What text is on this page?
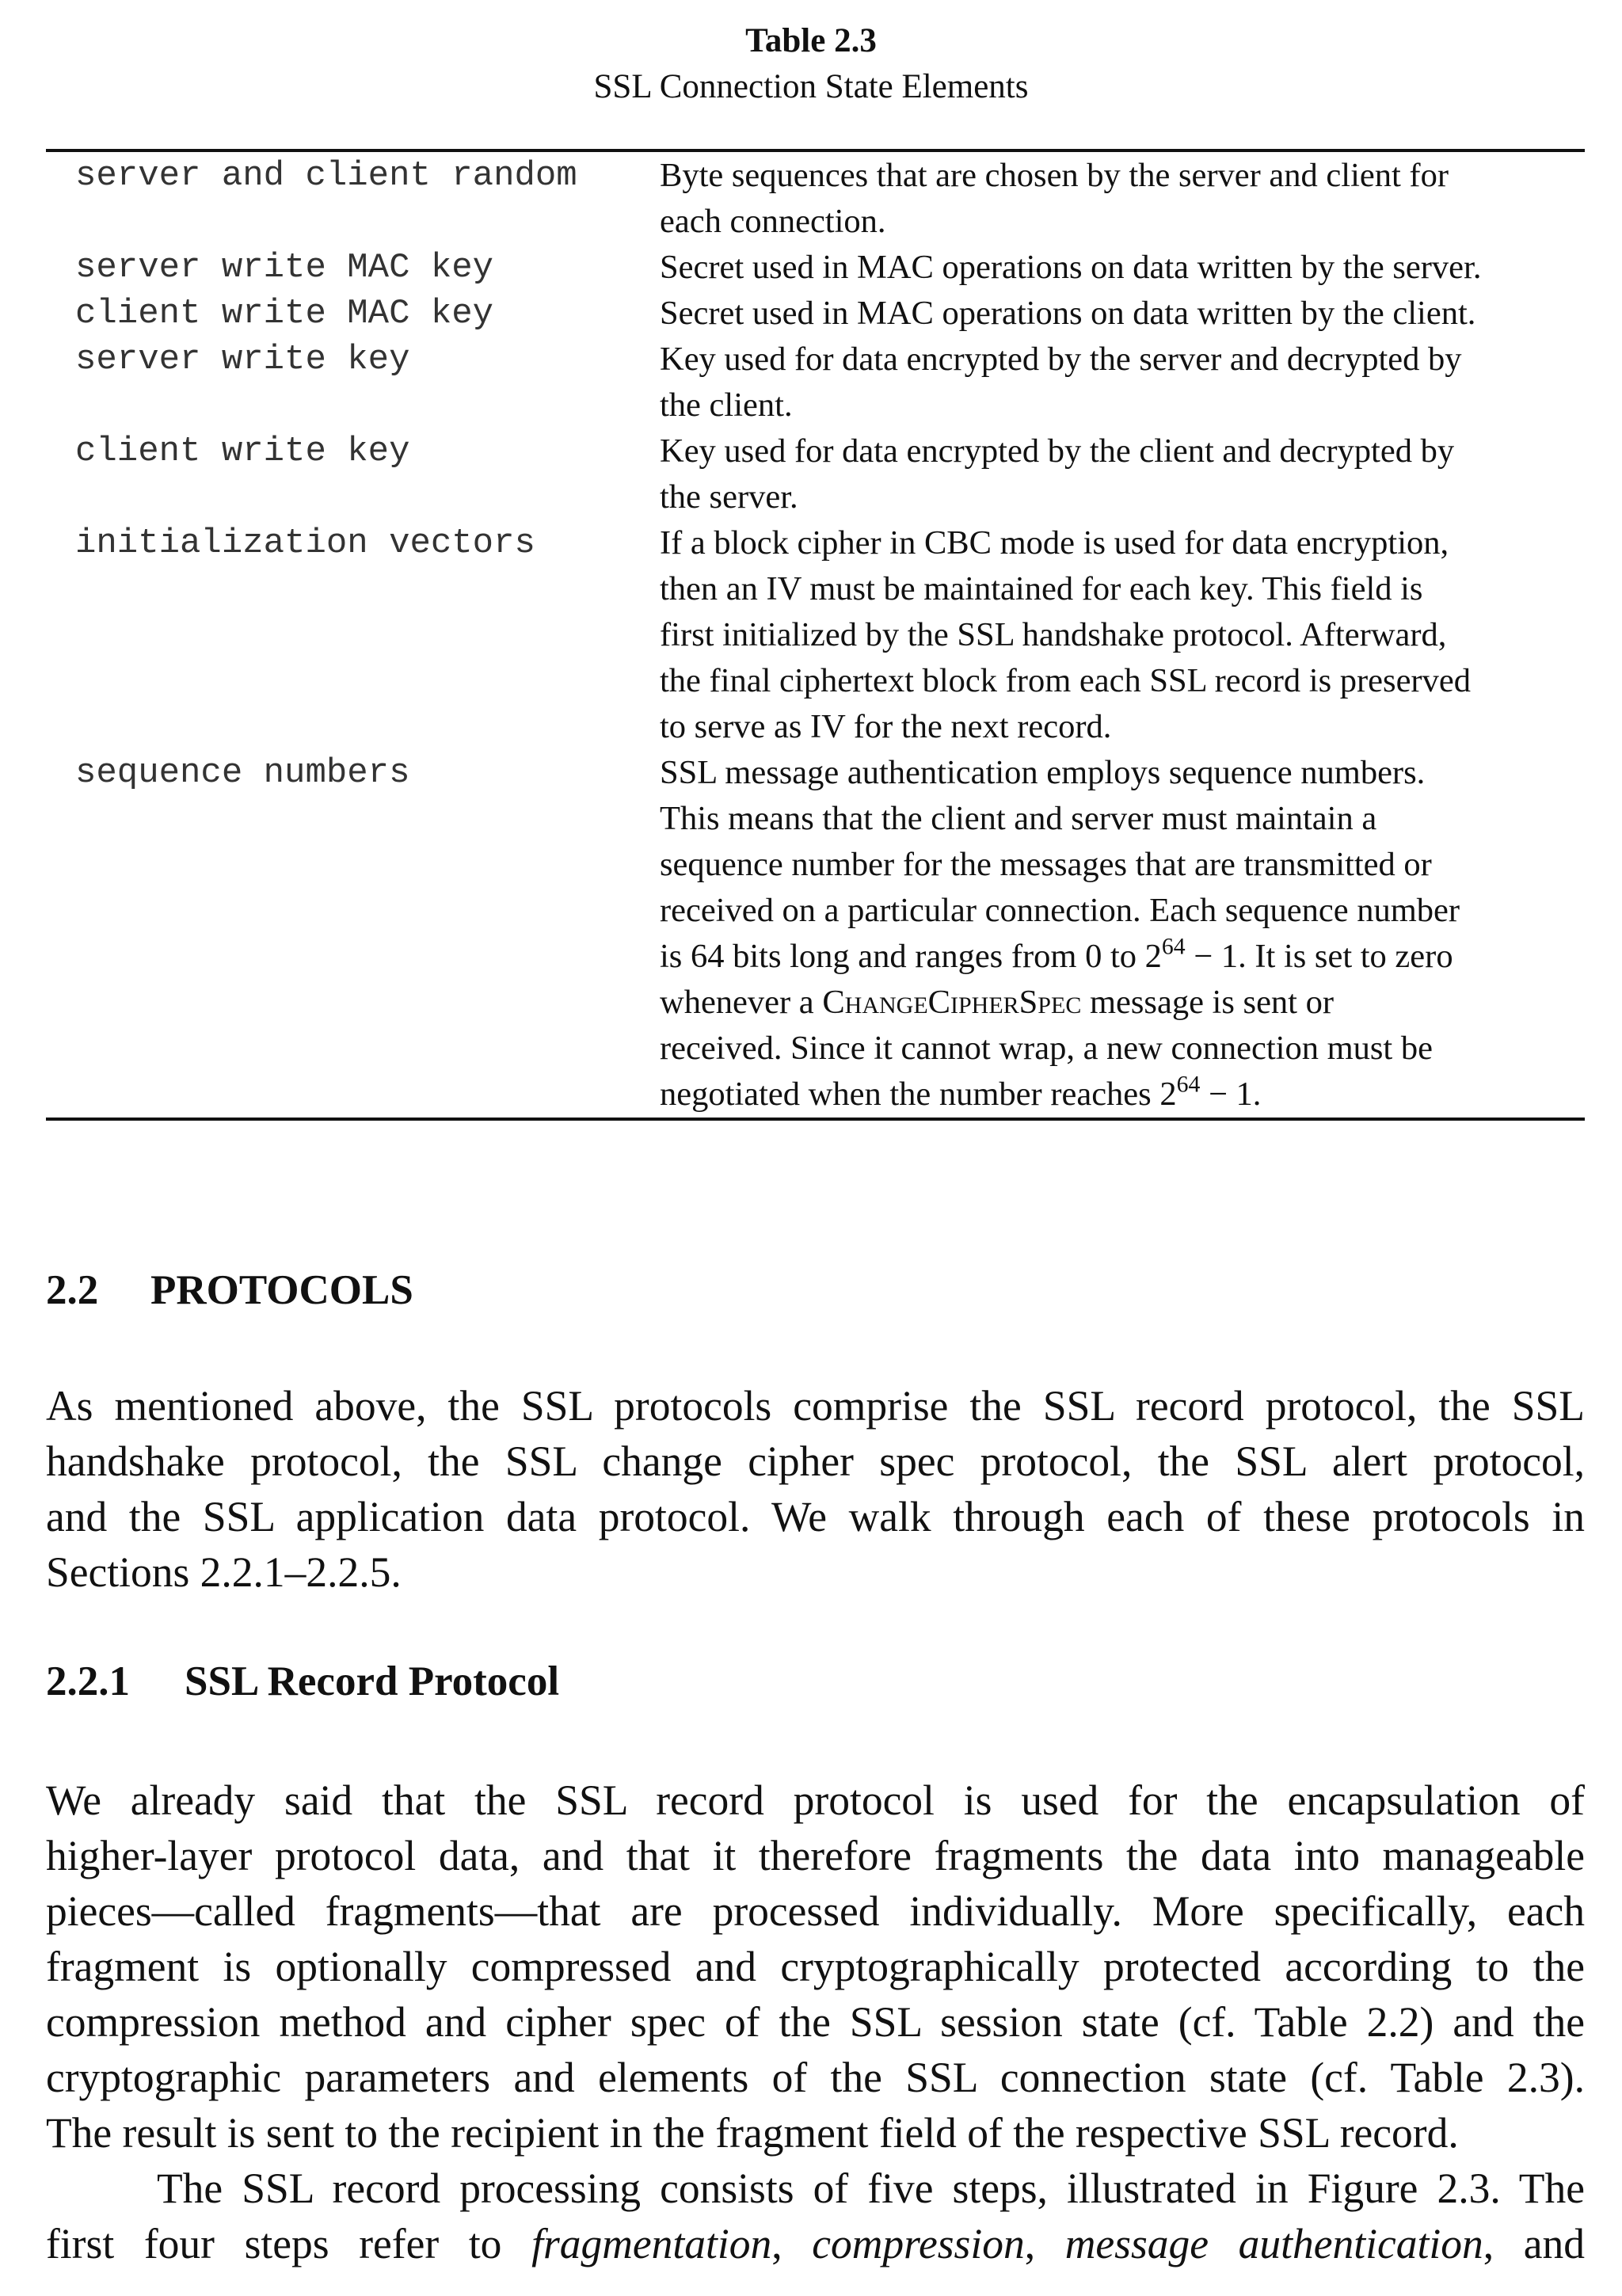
Table 2.3
SSL Connection State Elements
server and client random	Byte sequences that are chosen by the server and client for
each connection.
server write MAC key	Secret used in MAC operations on data written by the server.
client write MAC key	Secret used in MAC operations on data written by the client.
server write key	Key used for data encrypted by the server and decrypted by
the client.
client write key	Key used for data encrypted by the client and decrypted by
the server.
initialization vectors	If a block cipher in CBC mode is used for data encryption,
then an IV must be maintained for each key. This field is
first initialized by the SSL handshake protocol. Afterward,
the final ciphertext block from each SSL record is preserved
to serve as IV for the next record.
sequence numbers	SSL message authentication employs sequence numbers.
This means that the client and server must maintain a
sequence number for the messages that are transmitted or
received on a particular connection. Each sequence number
is 64 bits long and ranges from 0 to $2^{64} - 1$. It is set to zero
whenever a ChangeCipherSpec message is sent or
received. Since it cannot wrap, a new connection must be
negotiated when the number reaches $2^{64} - 1$.
2.2 PROTOCOLS
As mentioned above, the SSL protocols comprise the SSL record protocol, the SSL
handshake protocol, the SSL change cipher spec protocol, the SSL alert protocol,
and the SSL application data protocol. We walk through each of these protocols in
Sections 2.2.1–2.2.5.
2.2.1 SSL Record Protocol
We already said that the SSL record protocol is used for the encapsulation of
higher-layer protocol data, and that it therefore fragments the data into manageable
pieces—called fragments—that are processed individually. More specifically, each
fragment is optionally compressed and cryptographically protected according to the
compression method and cipher spec of the SSL session state (cf. Table 2.2) and the
cryptographic parameters and elements of the SSL connection state (cf. Table 2.3).
The result is sent to the recipient in the fragment field of the respective SSL record.
The SSL record processing consists of five steps, illustrated in Figure 2.3. The
first four steps refer to fragmentation, compression, message authentication, and
